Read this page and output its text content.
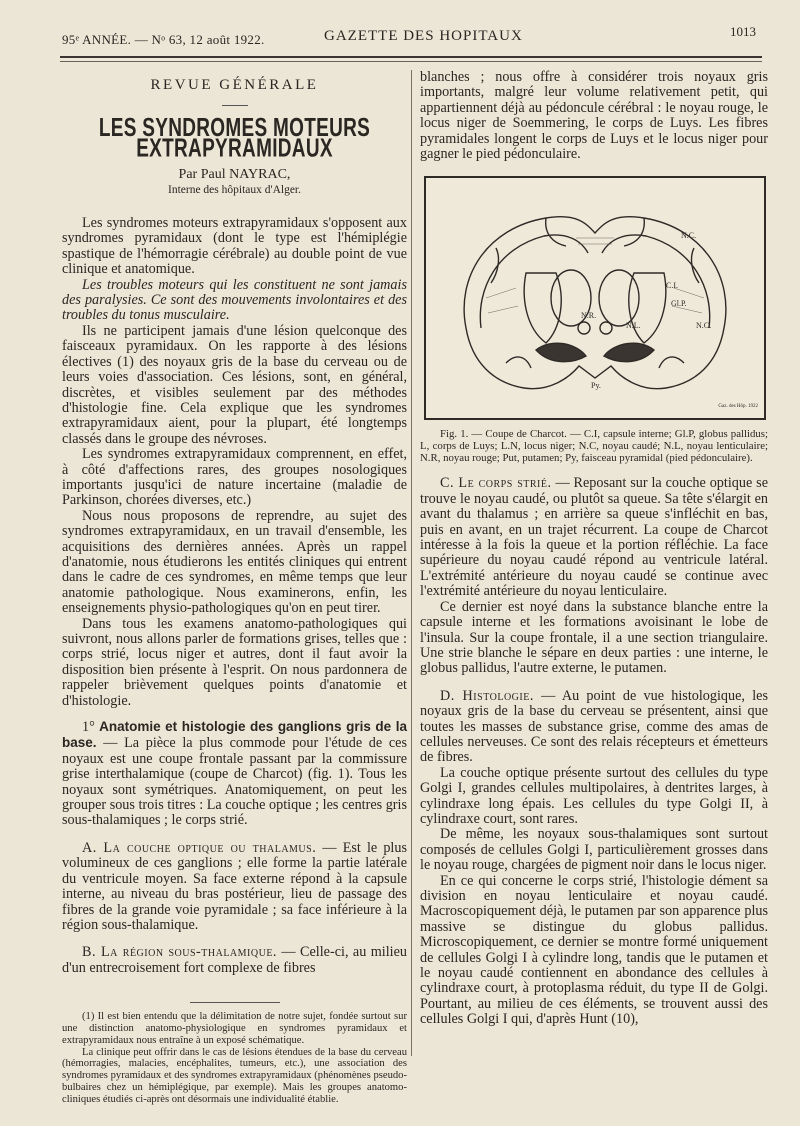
95ᵉ ANNÉE. — Nᵒ 63, 12 août 1922.	GAZETTE DES HOPITAUX	1013
REVUE GÉNÉRALE
LES SYNDROMES MOTEURS EXTRAPYRAMIDAUX
Par Paul NAYRAC,
Interne des hôpitaux d'Alger.

Les syndromes moteurs extrapyramidaux s'opposent aux syndromes pyramidaux (dont le type est l'hémiplégie spastique de l'hémorragie cérébrale) au double point de vue clinique et anatomique.

Les troubles moteurs qui les constituent ne sont jamais des paralysies. Ce sont des mouvements involontaires et des troubles du tonus musculaire.

Ils ne participent jamais d'une lésion quelconque des faisceaux pyramidaux. On les rapporte à des lésions électives (1) des noyaux gris de la base du cerveau ou de leurs voies d'association. Ces lésions, sont, en général, discrètes, et visibles seulement par des méthodes d'histologie fine. Cela explique que les syndromes extrapyramidaux aient, pour la plupart, été longtemps classés dans le groupe des névroses.

Les syndromes extrapyramidaux comprennent, en effet, à côté d'affections rares, des groupes nosologiques importants jusqu'ici de nature incertaine (maladie de Parkinson, chorées diverses, etc.)

Nous nous proposons de reprendre, au sujet des syndromes extrapyramidaux, en un travail d'ensemble, les acquisitions des dernières années. Après un rappel d'anatomie, nous étudierons les entités cliniques qui entrent dans le cadre de ces syndromes, en même temps que leur anatomie pathologique. Nous examinerons, enfin, les enseignements physio-pathologiques qu'on en peut tirer.

Dans tous les examens anatomo-pathologiques qui suivront, nous allons parler de formations grises, telles que : corps strié, locus niger et autres, dont il faut avoir la disposition bien présente à l'esprit. On nous pardonnera de rappeler brièvement quelques points d'anatomie et d'histologie.

1° Anatomie et histologie des ganglions gris de la base. — La pièce la plus commode pour l'étude de ces noyaux est une coupe frontale passant par la commissure grise interthalamique (coupe de Charcot) (fig. 1). Tous les noyaux sont symétriques. Anatomiquement, on peut les grouper sous trois titres : La couche optique ; les centres gris sous-thalamiques ; le corps strié.

A. La couche optique ou thalamus. — Est le plus volumineux de ces ganglions ; elle forme la partie latérale du ventricule moyen. Sa face externe répond à la capsule interne, au niveau du bras postérieur, lieu de passage des fibres de la grande voie pyramidale ; sa face inférieure à la région sous-thalamique.

B. La région sous-thalamique. — Celle-ci, au milieu d'un entrecroisement fort complexe de fibres

(1) Il est bien entendu que la délimitation de notre sujet, fondée surtout sur une distinction anatomo-physiologique en syndromes pyramidaux et extrapyramidaux nous entraîne à un exposé schématique.

La clinique peut offrir dans le cas de lésions étendues de la base du cerveau (hémorragies, malacies, encéphalites, tumeurs, etc.), une association des syndromes pyramidaux et des syndromes extrapyramidaux (phénomènes pseudo-bulbaires chez un hémiplégique, par exemple). Mais les groupes anatomo-cliniques étudiés ci-après ont désormais une individualité établie.

blanches ; nous offre à considérer trois noyaux gris importants, malgré leur volume relativement petit, qui appartiennent déjà au pédoncule cérébral : le noyau rouge, le locus niger de Soemmering, le corps de Luys. Les fibres pyramidales longent le corps de Luys et le locus niger pour gagner le pied pédonculaire.

N.C.
C.I.
Gl.P.
N.L.	N.C.
N.R.
Py.
Gaz. des Hôp. 1922

Fig. 1. — Coupe de Charcot. — C.I, capsule interne; Gl.P, globus pallidus; L, corps de Luys; L.N, locus niger; N.C, noyau caudé; N.L, noyau lenticulaire; N.R, noyau rouge; Put, putamen; Py, faisceau pyramidal (pied pédonculaire).

C. Le corps strié. — Reposant sur la couche optique se trouve le noyau caudé, ou plutôt sa queue. Sa tête s'élargit en avant du thalamus ; en arrière sa queue s'infléchit en bas, puis en avant, en un trajet récurrent. La coupe de Charcot intéresse à la fois la queue et la portion réfléchie. La face supérieure du noyau caudé répond au ventricule latéral. L'extrémité antérieure du noyau caudé se continue avec l'extrémité antérieure du noyau lenticulaire.

Ce dernier est noyé dans la substance blanche entre la capsule interne et les formations avoisinant le lobe de l'insula. Sur la coupe frontale, il a une section triangulaire. Une strie blanche le sépare en deux parties : une interne, le globus pallidus, l'autre externe, le putamen.

D. Histologie. — Au point de vue histologique, les noyaux gris de la base du cerveau se présentent, ainsi que toutes les masses de substance grise, comme des amas de cellules nerveuses. Ce sont des relais récepteurs et émetteurs de fibres.

La couche optique présente surtout des cellules du type Golgi I, grandes cellules multipolaires, à dentrites larges, à cylindraxe long épais. Les cellules du type Golgi II, à cylindraxe court, sont rares.

De même, les noyaux sous-thalamiques sont surtout composés de cellules Golgi I, particulièrement grosses dans le noyau rouge, chargées de pigment noir dans le locus niger.

En ce qui concerne le corps strié, l'histologie dément sa division en noyau lenticulaire et noyau caudé. Macroscopiquement déjà, le putamen par son apparence plus massive se distingue du globus pallidus. Microscopiquement, ce dernier se montre formé uniquement de cellules Golgi I à cylindre long, tandis que le putamen et le noyau caudé contiennent en abondance des cellules à cylindraxe court, à protoplasma réduit, du type II de Golgi. Pourtant, au milieu de ces éléments, se trouvent aussi des cellules Golgi I qui, d'après Hunt (10),
